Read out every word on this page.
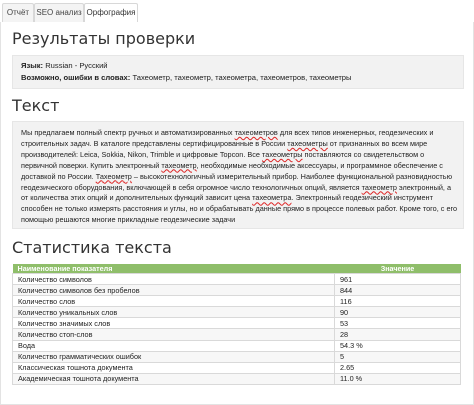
Отчёт SEO анализ Орфография
Результаты проверки
Язык: Russian - Русский
Возможно, ошибки в словах: Тахеометр, тахеометр, тахеометра, тахеометров, тахеометры
Текст
Мы предлагаем полный спектр ручных и автоматизированных тахеометров для всех типов инженерных, геодезических и строительных задач. В каталоге представлены сертифицированные в России тахеометры от признанных во всем мире производителей: Leica, Sokkia, Nikon, Trimble и цифровые Topcon. Все тахеометры поставляются со свидетельством о первичной поверки. Купить электронный тахеометр, необходимые необходимые аксессуары, и программное обеспечение с доставкой по России. Тахеометр – высокотехнологичный измерительный прибор. Наиболее функциональной разновидностью геодезического оборудования, включающей в себя огромное число технологичных опций, является тахеометр электронный, а от количества этих опций и дополнительных функций зависит цена тахеометра. Электронный геодезический инструмент способен не только измерять расстояния и углы, но и обрабатывать данные прямо в процессе полевых работ. Кроме того, с его помощью решаются многие прикладные геодезические задачи
Статистика текста
Наименование показателя	Значение
Количество символов	961
Количество символов без пробелов	844
Количество слов	116
Количество уникальных слов	90
Количество значимых слов	53
Количество стоп-слов	28
Вода	54.3 %
Количество грамматических ошибок	5
Классическая тошнота документа	2.65
Академическая тошнота документа	11.0 %
